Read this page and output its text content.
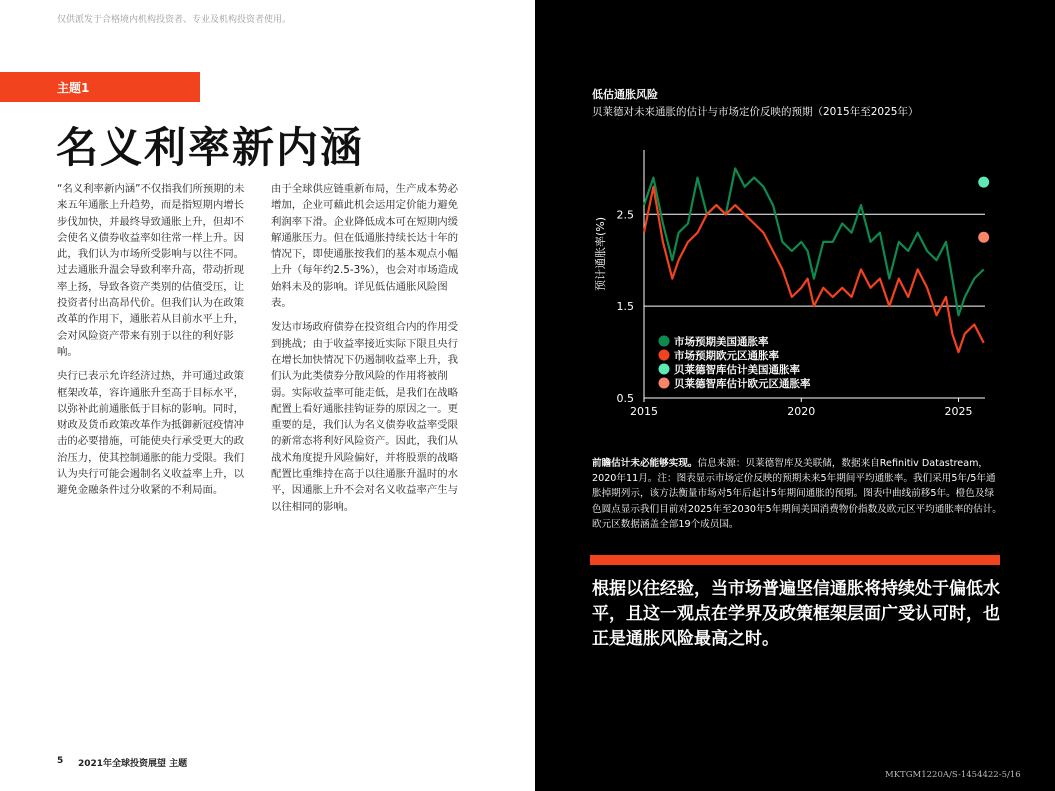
仅供派发于合格境内机构投资者、专业及机构投资者使用。
主题1
名义利率新内涵

“名义利率新内涵”不仅指我们所预期的未来五年通胀上升趋势，而是指短期内增长步伐加快，并最终导致通胀上升，但却不会使名义债券收益率如往常一样上升。因此，我们认为市场所受影响与以往不同。过去通胀升温会导致利率升高，带动折现率上扬，导致各资产类别的估值受压，让投资者付出高昂代价。但我们认为在政策改革的作用下，通胀若从目前水平上升，会对风险资产带来有别于以往的利好影响。

央行已表示允许经济过热，并可通过政策框架改革，容许通胀升至高于目标水平，以弥补此前通胀低于目标的影响。同时，财政及货币政策改革作为抵御新冠疫情冲击的必要措施，可能使央行承受更大的政治压力，使其控制通胀的能力受限。我们认为央行可能会遏制名义收益率上升，以避免金融条件过分收紧的不利局面。

由于全球供应链重新布局，生产成本势必增加，企业可藉此机会运用定价能力避免利润率下滑。企业降低成本可在短期内缓解通胀压力。但在低通胀持续长达十年的情况下，即使通胀按我们的基本观点小幅上升（每年约2.5-3%），也会对市场造成始料未及的影响。详见低估通胀风险图表。

发达市场政府债券在投资组合内的作用受到挑战；由于收益率接近实际下限且央行在增长加快情况下仍遏制收益率上升，我们认为此类债券分散风险的作用将被削弱。实际收益率可能走低，是我们在战略配置上看好通胀挂钩证券的原因之一。更重要的是，我们认为名义债券收益率受限的新常态将利好风险资产。因此，我们从战术角度提升风险偏好，并将股票的战略配置比重维持在高于以往通胀升温时的水平，因通胀上升不会对名义收益率产生与以往相同的影响。

5 2021年全球投资展望 主题
低估通胀风险
贝莱德对未来通胀的估计与市场定价反映的预期（2015年至2025年）
0.5
1.5
2.5
2015	2020	2025
预计通胀率(%)
市场预期美国通胀率
市场预期欧元区通胀率
贝莱德智库估计美国通胀率
贝莱德智库估计欧元区通胀率
前瞻估计未必能够实现。信息来源：贝莱德智库及美联储，数据来自Refinitiv Datastream，2020年11月。注：图表显示市场定价反映的预期未来5年期间平均通胀率。我们采用5年/5年通胀掉期列示，该方法衡量市场对5年后起计5年期间通胀的预期。图表中曲线前移5年。橙色及绿色圆点显示我们目前对2025年至2030年5年期间美国消费物价指数及欧元区平均通胀率的估计。欧元区数据涵盖全部19个成员国。
根据以往经验，当市场普遍坚信通胀将持续处于偏低水平，且这一观点在学界及政策框架层面广受认可时，也正是通胀风险最高之时。
MKTGM1220A/S-1454422-5/16
